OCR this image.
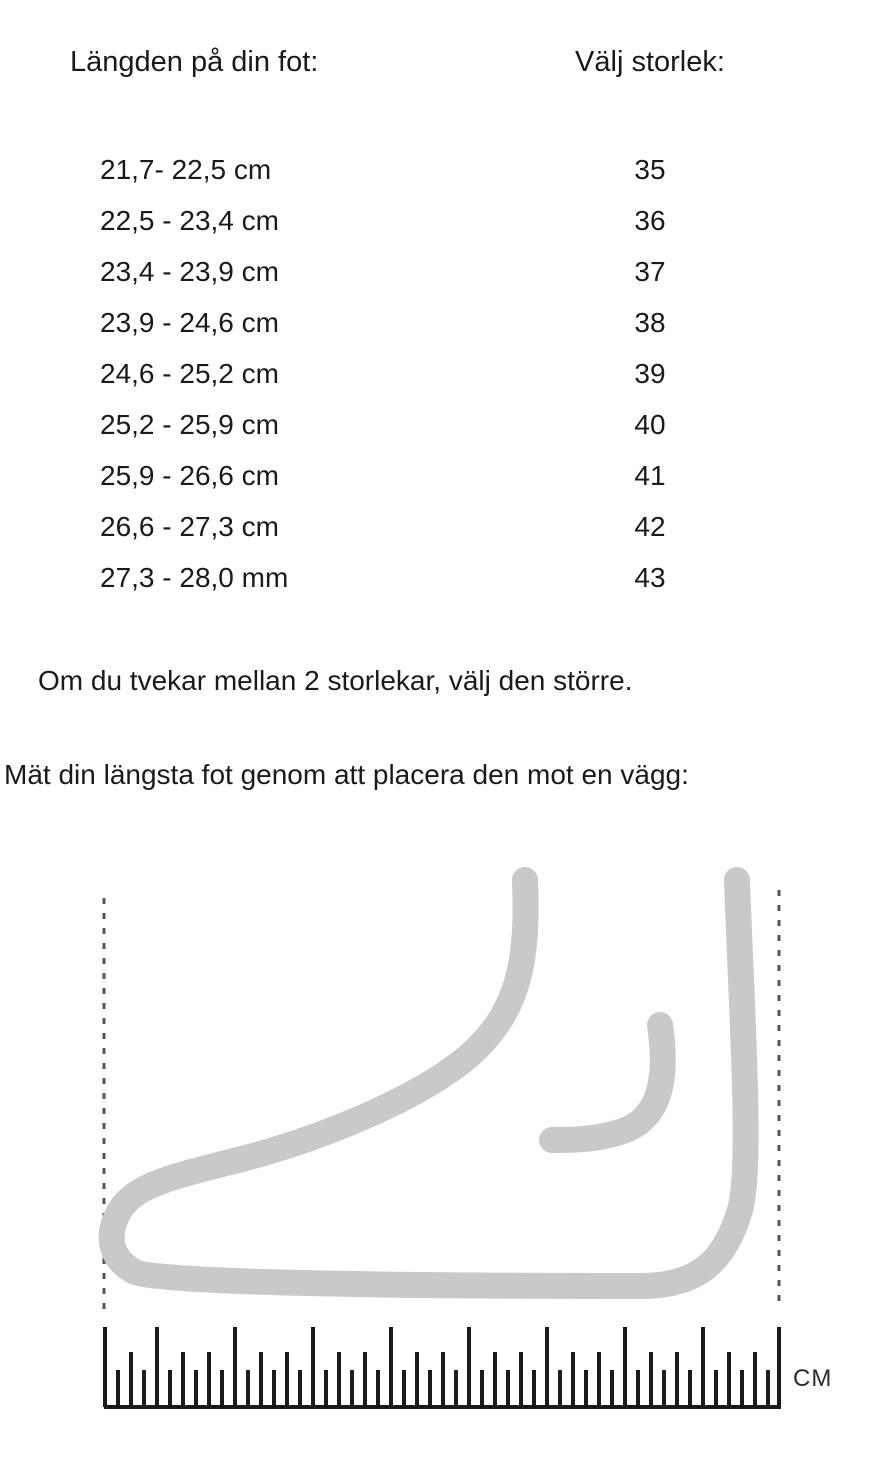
Längden på din fot:	Välj storlek:
21,7- 22,5 cm	35
22,5 - 23,4 cm	36
23,4 - 23,9 cm	37
23,9 - 24,6 cm	38
24,6 - 25,2 cm	39
25,2 - 25,9 cm	40
25,9 - 26,6 cm	41
26,6 - 27,3 cm	42
27,3 - 28,0 mm	43
Om du tvekar mellan 2 storlekar, välj den större.
Mät din längsta fot genom att placera den mot en vägg:
CM
